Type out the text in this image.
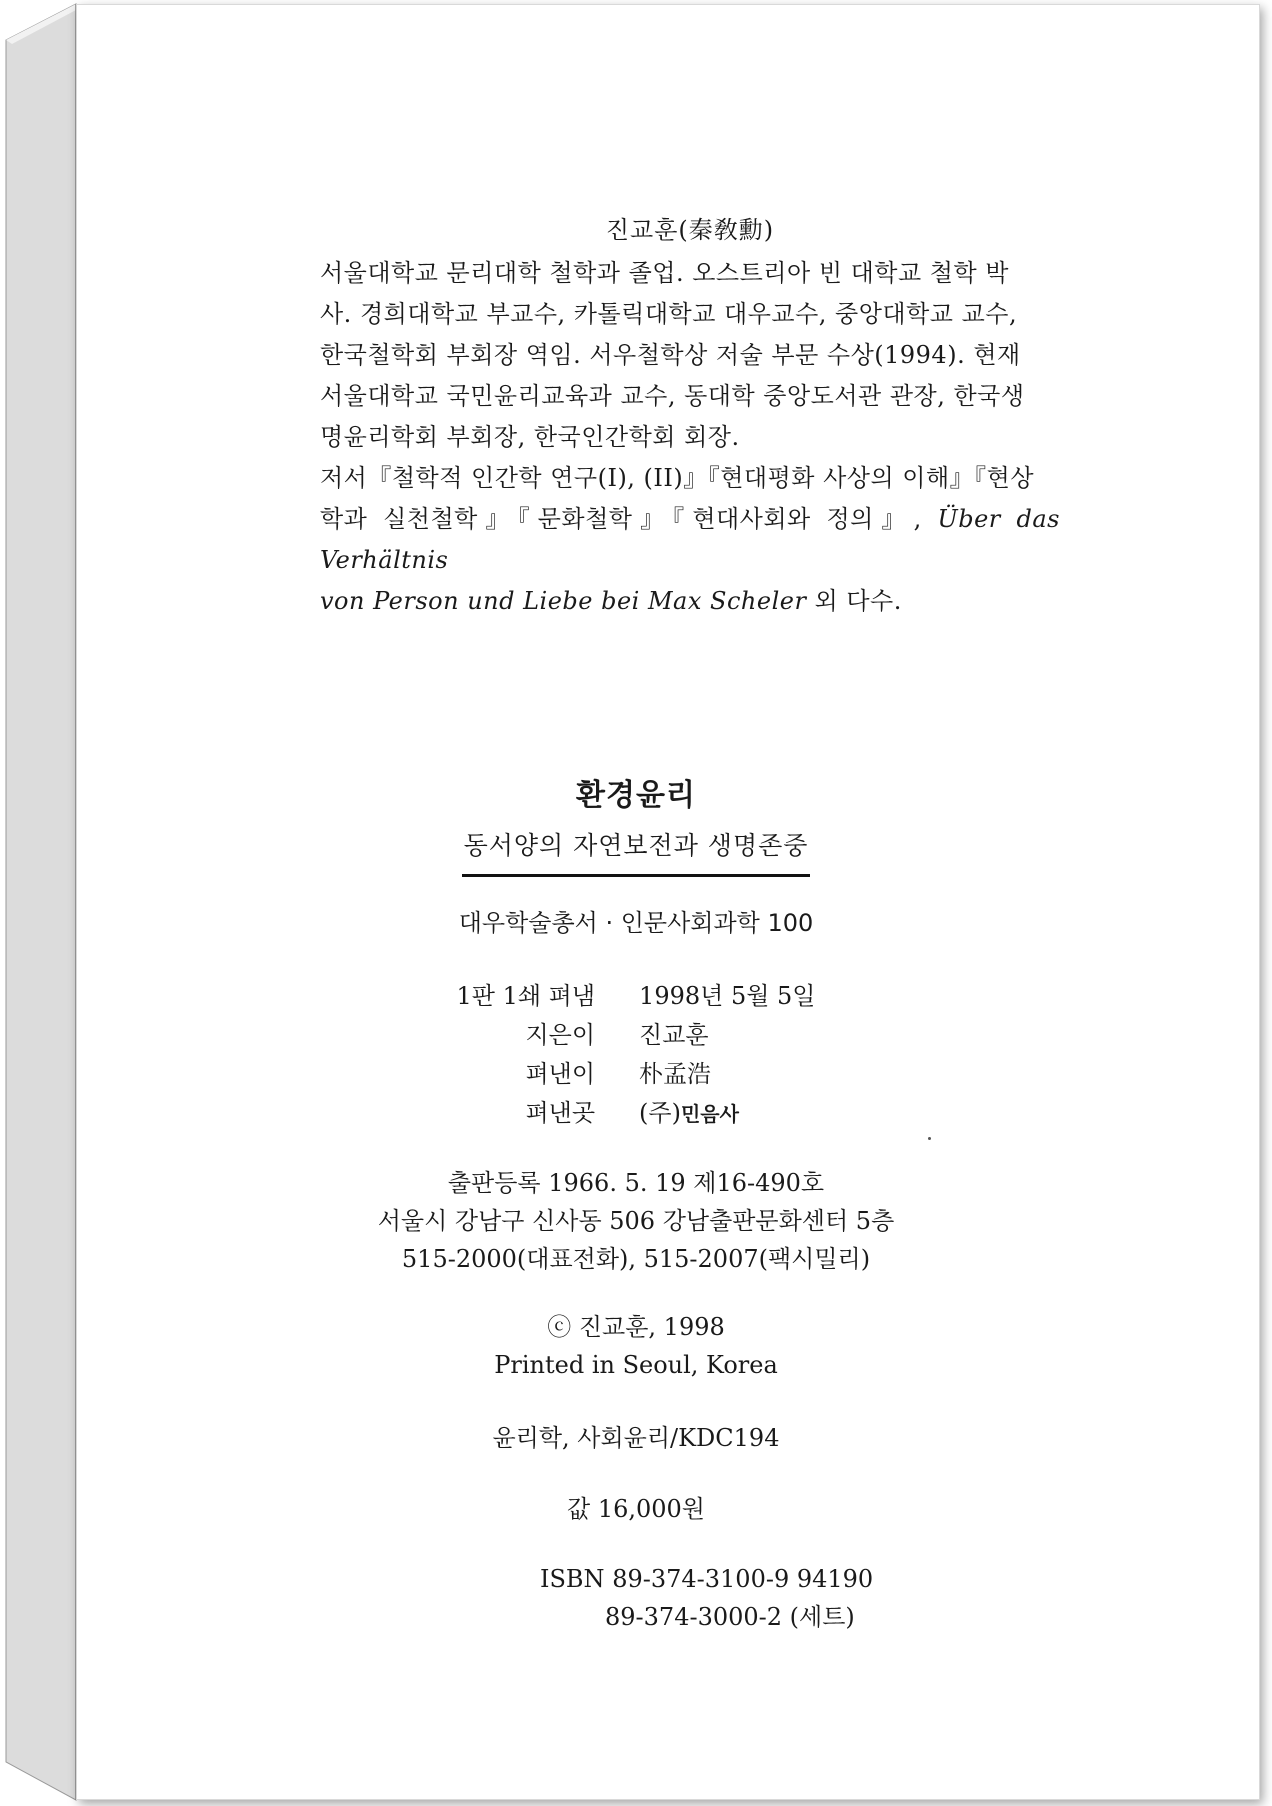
진교훈(秦敎勳)

서울대학교 문리대학 철학과 졸업. 오스트리아 빈 대학교 철학 박

사. 경희대학교 부교수, 카톨릭대학교 대우교수, 중앙대학교 교수,

한국철학회 부회장 역임. 서우철학상 저술 부문 수상(1994). 현재

서울대학교 국민윤리교육과 교수, 동대학 중앙도서관 관장, 한국생

명윤리학회 부회장, 한국인간학회 회장.

저서『철학적 인간학 연구(I), (II)』『현대평화 사상의 이해』『현상

학과 실천철학』『문화철학』『현대사회와 정의』, Über das Verhältnis

von Person und Liebe bei Max Scheler 외 다수.

환경윤리
동서양의 자연보전과 생명존중
대우학술총서 · 인문사회과학 100
1판 1쇄 펴냄	1998년 5월 5일
지은이	진교훈
펴낸이	朴孟浩
펴낸곳	(주)민음사
출판등록 1966. 5. 19 제16-490호
서울시 강남구 신사동 506 강남출판문화센터 5층
515-2000(대표전화), 515-2007(팩시밀리)
ⓒ 진교훈, 1998
Printed in Seoul, Korea
윤리학, 사회윤리/KDC194
값 16,000원
ISBN 89-374-3100-9 94190
89-374-3000-2 (세트)
